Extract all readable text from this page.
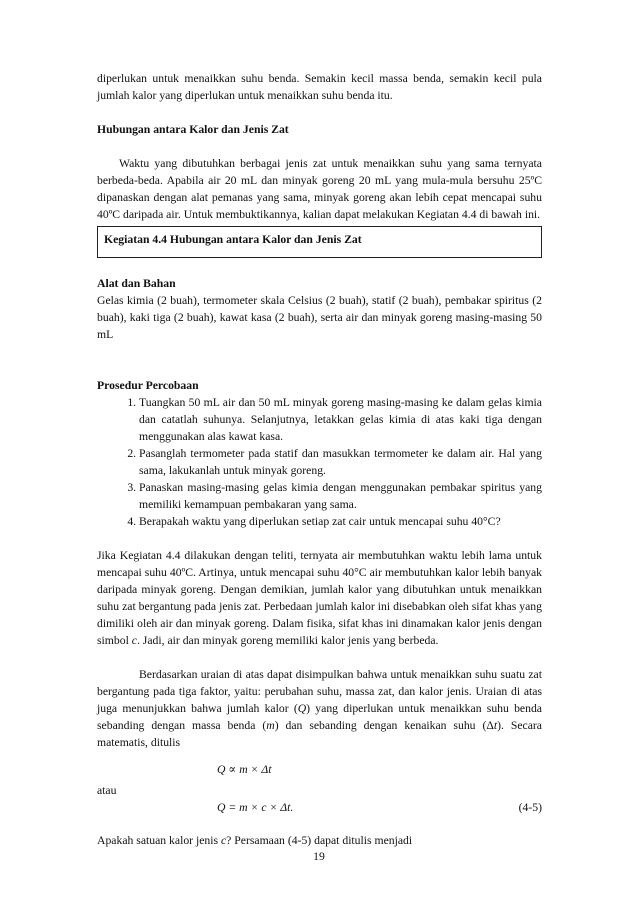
diperlukan untuk menaikkan suhu benda. Semakin kecil massa benda, semakin kecil pula jumlah kalor yang diperlukan untuk menaikkan suhu benda itu.

Hubungan antara Kalor dan Jenis Zat

Waktu yang dibutuhkan berbagai jenis zat untuk menaikkan suhu yang sama ternyata berbeda-beda. Apabila air 20 mL dan minyak goreng 20 mL yang mula-mula bersuhu 25ºC dipanaskan dengan alat pemanas yang sama, minyak goreng akan lebih cepat mencapai suhu 40ºC daripada air. Untuk membuktikannya, kalian dapat melakukan Kegiatan 4.4 di bawah ini.

Kegiatan 4.4 Hubungan antara Kalor dan Jenis Zat

Alat dan Bahan

Gelas kimia (2 buah), termometer skala Celsius (2 buah), statif (2 buah), pembakar spiritus (2 buah), kaki tiga (2 buah), kawat kasa (2 buah), serta air dan minyak goreng masing-masing 50 mL

Prosedur Percobaan

1. Tuangkan 50 mL air dan 50 mL minyak goreng masing-masing ke dalam gelas kimia dan catatlah suhunya. Selanjutnya, letakkan gelas kimia di atas kaki tiga dengan menggunakan alas kawat kasa.
2. Pasanglah termometer pada statif dan masukkan termometer ke dalam air. Hal yang sama, lakukanlah untuk minyak goreng.
3. Panaskan masing-masing gelas kimia dengan menggunakan pembakar spiritus yang memiliki kemampuan pembakaran yang sama.
4. Berapakah waktu yang diperlukan setiap zat cair untuk mencapai suhu 40°C?

Jika Kegiatan 4.4 dilakukan dengan teliti, ternyata air membutuhkan waktu lebih lama untuk mencapai suhu 40ºC. Artinya, untuk mencapai suhu 40°C air membutuhkan kalor lebih banyak daripada minyak goreng. Dengan demikian, jumlah kalor yang dibutuhkan untuk menaikkan suhu zat bergantung pada jenis zat. Perbedaan jumlah kalor ini disebabkan oleh sifat khas yang dimiliki oleh air dan minyak goreng. Dalam fisika, sifat khas ini dinamakan kalor jenis dengan simbol c. Jadi, air dan minyak goreng memiliki kalor jenis yang berbeda.

Berdasarkan uraian di atas dapat disimpulkan bahwa untuk menaikkan suhu suatu zat bergantung pada tiga faktor, yaitu: perubahan suhu, massa zat, dan kalor jenis. Uraian di atas juga menunjukkan bahwa jumlah kalor (Q) yang diperlukan untuk menaikkan suhu benda sebanding dengan massa benda (m) dan sebanding dengan kenaikan suhu (Δt). Secara matematis, ditulis

Q ∝ m × Δt

atau

Q = m × c × Δt.	(4-5)

Apakah satuan kalor jenis c? Persamaan (4-5) dapat ditulis menjadi

19
